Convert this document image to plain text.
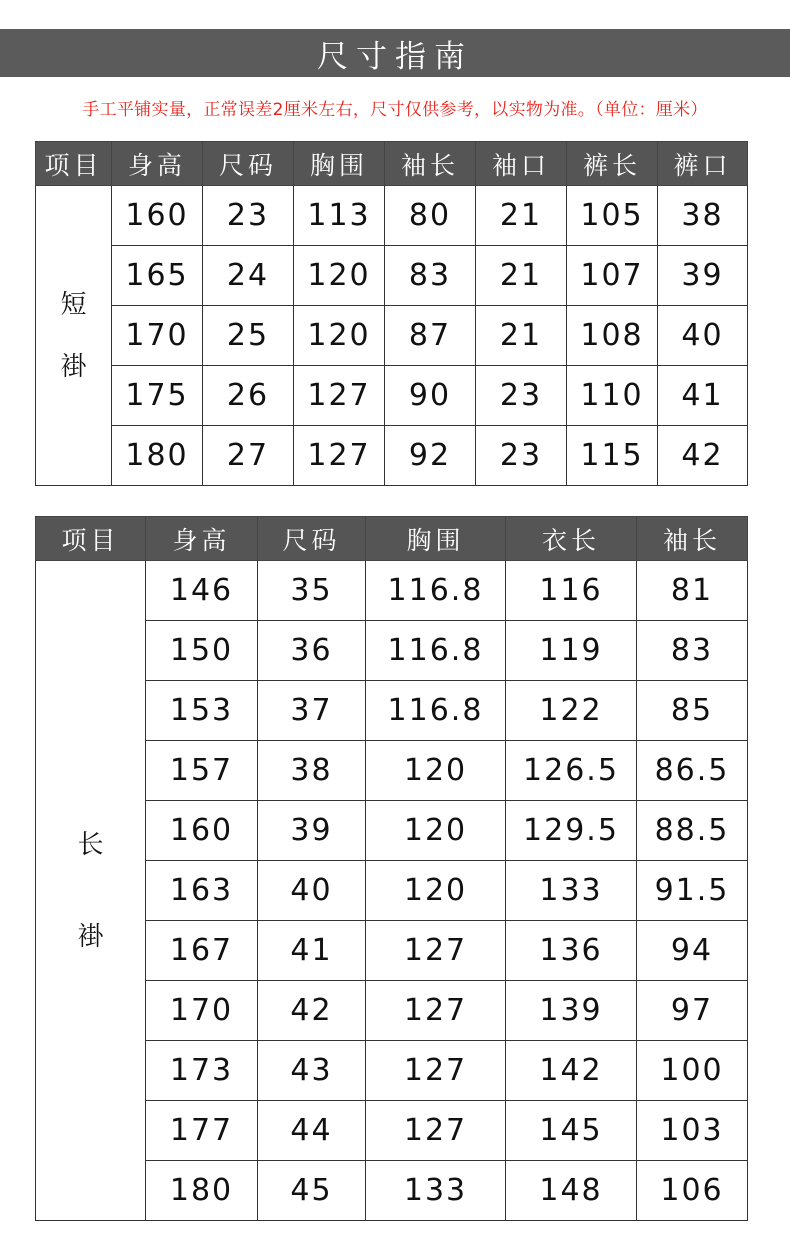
尺寸指南
手工平铺实量，正常误差2厘米左右，尺寸仅供参考，以实物为准。（单位：厘米）
项目	身高	尺码	胸围	袖长	袖口	裤长	裤口

短
褂	160	23	113	80	21	105	38
	165	24	120	83	21	107	39
	170	25	120	87	21	108	40
	175	26	127	90	23	110	41
	180	27	127	92	23	115	42
项目	身高	尺码	胸围	衣长	袖长

长
褂	146	35	116.8	116	81
	150	36	116.8	119	83
	153	37	116.8	122	85
	157	38	120	126.5	86.5
	160	39	120	129.5	88.5
	163	40	120	133	91.5
	167	41	127	136	94
	170	42	127	139	97
	173	43	127	142	100
	177	44	127	145	103
	180	45	133	148	106
